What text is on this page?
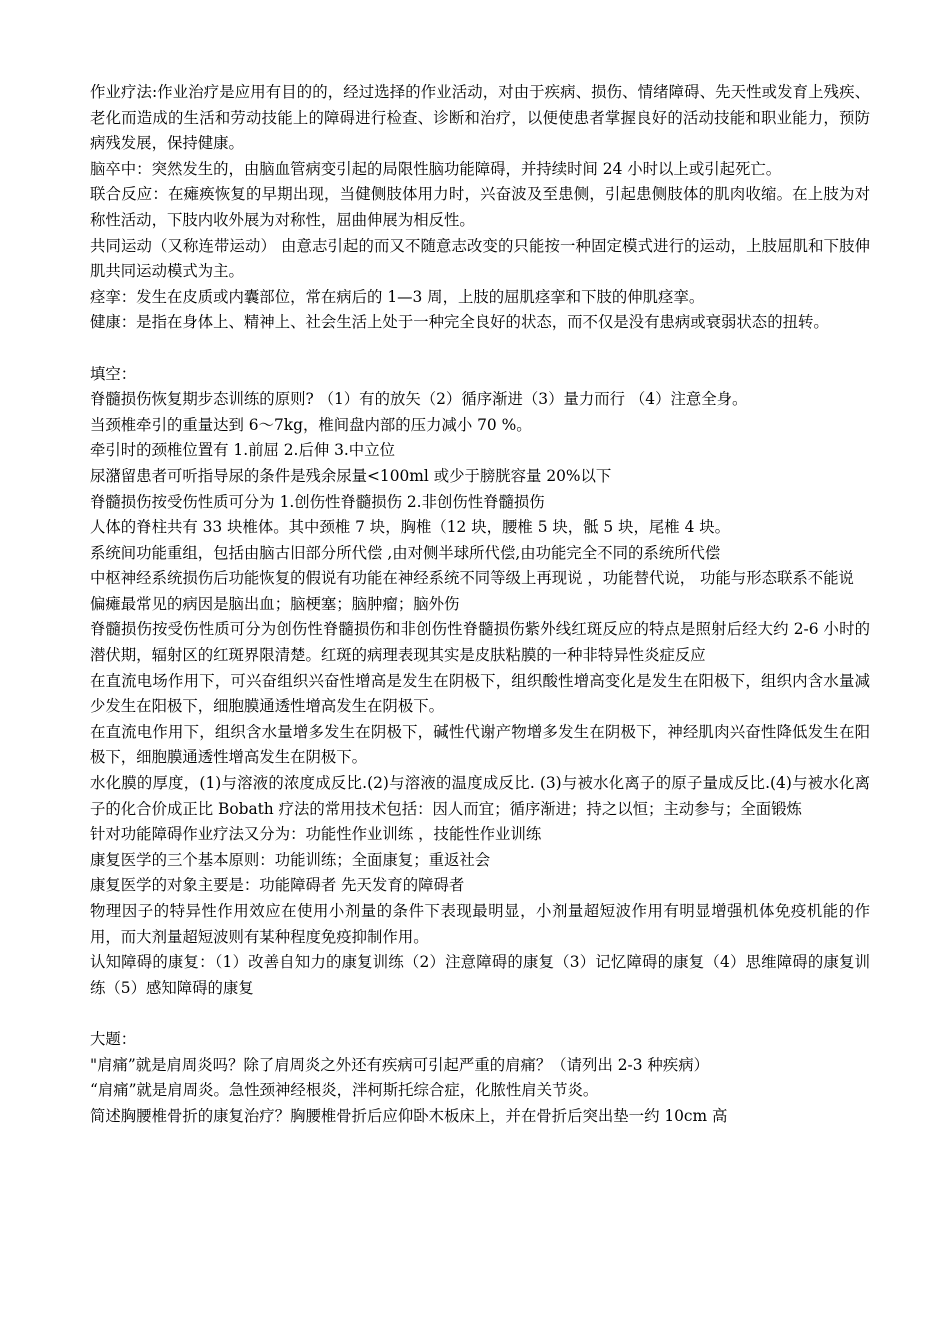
作业疗法:作业治疗是应用有目的的，经过选择的作业活动，对由于疾病、损伤、情绪障碍、先天性或发育上残疾、老化而造成的生活和劳动技能上的障碍进行检查、诊断和治疗，以便使患者掌握良好的活动技能和职业能力，预防病残发展，保持健康。

脑卒中：突然发生的，由脑血管病变引起的局限性脑功能障碍，并持续时间 24 小时以上或引起死亡。

联合反应：在瘫痪恢复的早期出现，当健侧肢体用力时，兴奋波及至患侧，引起患侧肢体的肌肉收缩。在上肢为对称性活动，下肢内收外展为对称性，屈曲伸展为相反性。

共同运动（又称连带运动） 由意志引起的而又不随意志改变的只能按一种固定模式进行的运动，上肢屈肌和下肢伸肌共同运动模式为主。

痉挛：发生在皮质或内囊部位，常在病后的 1—3 周，上肢的屈肌痉挛和下肢的伸肌痉挛。

健康：是指在身体上、精神上、社会生活上处于一种完全良好的状态，而不仅是没有患病或衰弱状态的扭转。

填空：

脊髓损伤恢复期步态训练的原则? （1）有的放矢（2）循序渐进（3）量力而行 （4）注意全身。

当颈椎牵引的重量达到 6～7kg，椎间盘内部的压力减小 70 %。

牵引时的颈椎位置有 1.前屈 2.后伸 3.中立位

尿潴留患者可听指导尿的条件是残余尿量<100ml 或少于膀胱容量 20%以下

脊髓损伤按受伤性质可分为 1.创伤性脊髓损伤 2.非创伤性脊髓损伤

人体的脊柱共有 33 块椎体。其中颈椎 7 块，胸椎（12 块，腰椎 5 块，骶 5 块，尾椎 4 块。

系统间功能重组，包括由脑古旧部分所代偿 ,由对侧半球所代偿,由功能完全不同的系统所代偿

中枢神经系统损伤后功能恢复的假说有功能在神经系统不同等级上再现说 ，功能替代说， 功能与形态联系不能说

偏瘫最常见的病因是脑出血；脑梗塞；脑肿瘤；脑外伤

脊髓损伤按受伤性质可分为创伤性脊髓损伤和非创伤性脊髓损伤紫外线红斑反应的特点是照射后经大约 2-6 小时的潜伏期，辐射区的红斑界限清楚。红斑的病理表现其实是皮肤粘膜的一种非特异性炎症反应

在直流电场作用下，可兴奋组织兴奋性增高是发生在阴极下，组织酸性增高变化是发生在阳极下，组织内含水量减少发生在阳极下，细胞膜通透性增高发生在阴极下。

在直流电作用下，组织含水量增多发生在阴极下，碱性代谢产物增多发生在阴极下，神经肌肉兴奋性降低发生在阳极下，细胞膜通透性增高发生在阴极下。

水化膜的厚度，(1)与溶液的浓度成反比.(2)与溶液的温度成反比. (3)与被水化离子的原子量成反比.(4)与被水化离子的化合价成正比 Bobath 疗法的常用技术包括：因人而宜；循序渐进；持之以恒；主动参与；全面锻炼

针对功能障碍作业疗法又分为：功能性作业训练 ，技能性作业训练

康复医学的三个基本原则：功能训练；全面康复；重返社会

康复医学的对象主要是：功能障碍者 先天发育的障碍者

物理因子的特异性作用效应在使用小剂量的条件下表现最明显，小剂量超短波作用有明显增强机体免疫机能的作用，而大剂量超短波则有某种程度免疫抑制作用。

认知障碍的康复：（1）改善自知力的康复训练（2）注意障碍的康复（3）记忆障碍的康复（4）思维障碍的康复训练（5）感知障碍的康复

大题：

"肩痛”就是肩周炎吗？除了肩周炎之外还有疾病可引起严重的肩痛？（请列出 2-3 种疾病）

“肩痛”就是肩周炎。急性颈神经根炎，泮柯斯托综合症，化脓性肩关节炎。

简述胸腰椎骨折的康复治疗？胸腰椎骨折后应仰卧木板床上，并在骨折后突出垫一约 10cm 高
